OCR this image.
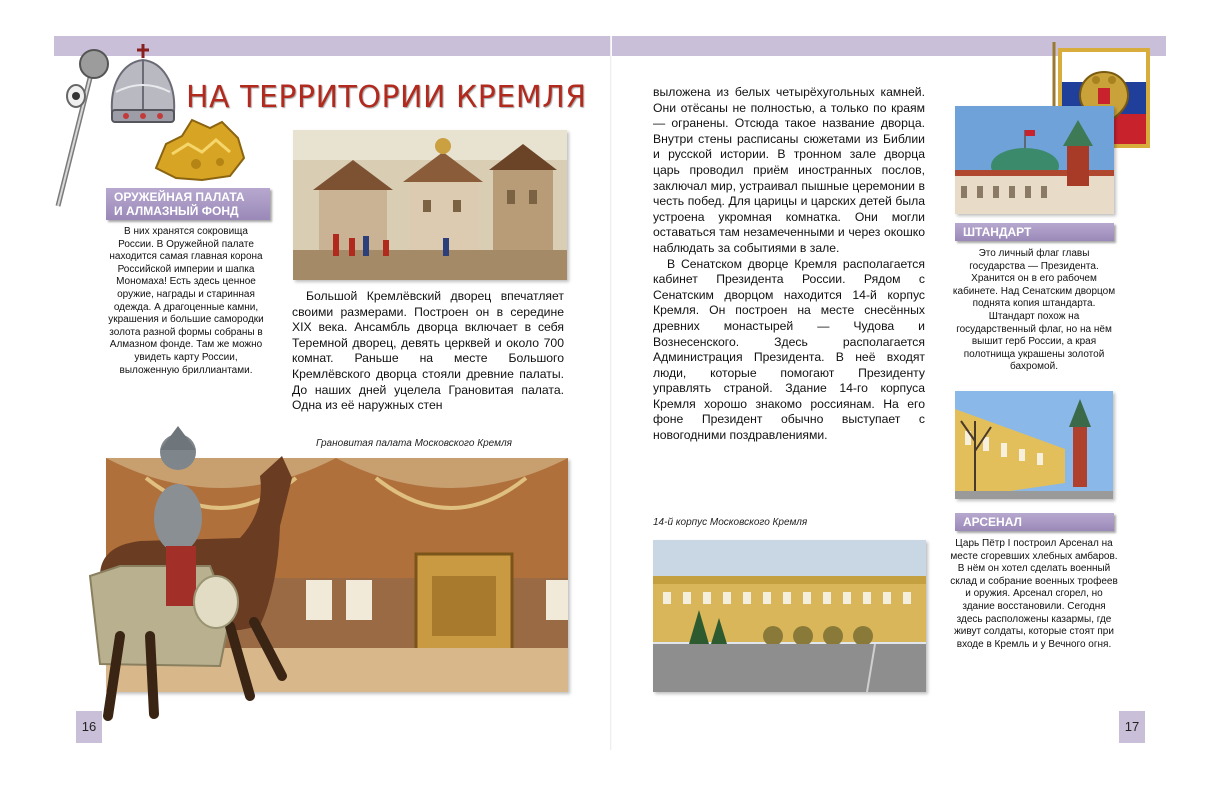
НА ТЕРРИТОРИИ КРЕМЛЯ
ОРУЖЕЙНАЯ ПАЛАТА
И АЛМАЗНЫЙ ФОНД
В них хранятся сокровища России. В Оружейной палате находится самая главная корона Российской империи и шапка Мономаха! Есть здесь ценное оружие, награды и старинная одежда. А драгоценные камни, украшения и большие самородки золота разной формы собраны в Алмазном фонде. Там же можно увидеть карту России, выложенную бриллиантами.

Большой Кремлёвский дворец впечатляет своими размерами. Построен он в середине XIX века. Ансамбль дворца включает в себя Теремной дворец, девять церквей и около 700 комнат. Раньше на месте Большого Кремлёвского дворца стояли древние палаты. До наших дней уцелела Грановитая палата. Одна из её наружных стен

Грановитая палата Московского Кремля
16

выложена из белых четырёхугольных камней. Они отёсаны не полностью, а только по краям — огранены. Отсюда такое название дворца. Внутри стены расписаны сюжетами из Библии и русской истории. В тронном зале дворца царь проводил приём иностранных послов, заключал мир, устраивал пышные церемонии в честь побед. Для царицы и царских детей была устроена укромная комнатка. Они могли оставаться там незамеченными и через окошко наблюдать за событиями в зале.

В Сенатском дворце Кремля располагается кабинет Президента России. Рядом с Сенатским дворцом находится 14-й корпус Кремля. Он построен на месте снесённых древних монастырей — Чудова и Вознесенского. Здесь располагается Администрация Президента. В неё входят люди, которые помогают Президенту управлять страной. Здание 14-го корпуса Кремля хорошо знакомо россиянам. На его фоне Президент обычно выступает с новогодними поздравлениями.

14-й корпус Московского Кремля
ШТАНДАРТ
Это личный флаг главы государства — Президента. Хранится он в его рабочем кабинете. Над Сенатским дворцом поднята копия штандарта. Штандарт похож на государственный флаг, но на нём вышит герб России, а края полотнища украшены золотой бахромой.
АРСЕНАЛ
Царь Пётр I построил Арсенал на месте сгоревших хлебных амбаров. В нём он хотел сделать военный склад и собрание военных трофеев и оружия. Арсенал сгорел, но здание восстановили. Сегодня здесь расположены казармы, где живут солдаты, которые стоят при входе в Кремль и у Вечного огня.
17
